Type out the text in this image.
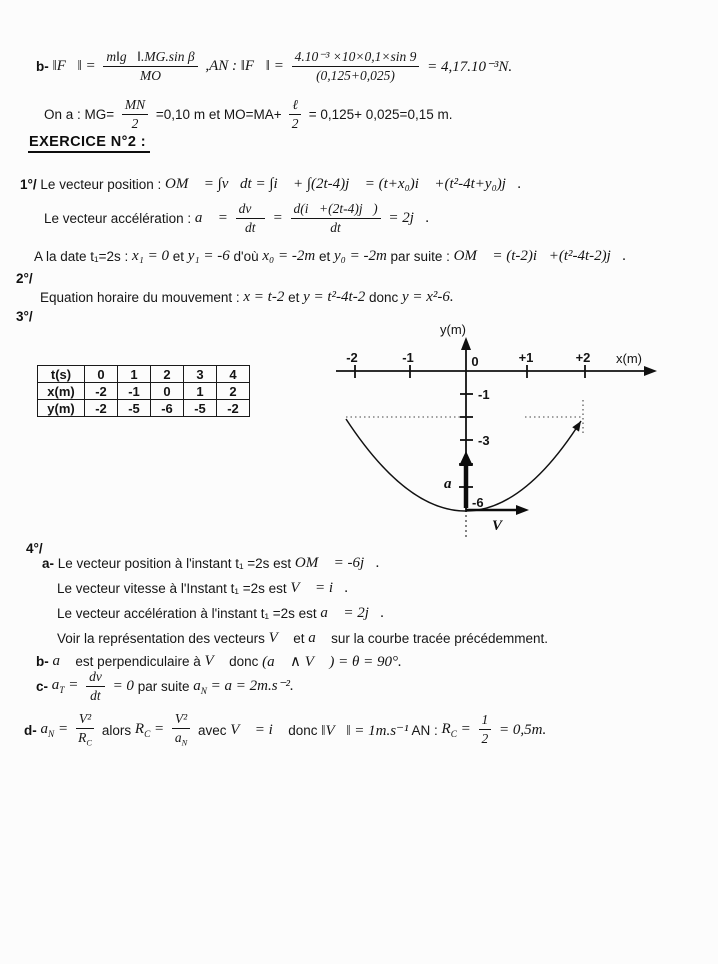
b- ‖F⃗‖ = $\frac{\text{m‖g⃗‖.MG.sin β}}{MO} ,AN$ : ‖F⃗‖ = $\frac{\text{4.10⁻³ ×10×0,1×sin 9}}{(0,125+0,025)} = 4,17.10^{-3}N$.
On a : $MG= \frac{MN}{2} =0,10$ m et $MO=MA+ \frac{\text{ℓ}}{2} = 0,125+ 0,025=0,15$ m.
EXERCICE N°2 :
1°/ Le vecteur position : OM⃗ = ∫v⃗dt = ∫i⃗ + ∫(2t-4)j⃗ = (t+x₀)i⃗ +(t²-4t+y₀)j⃗.
Le vecteur accélération : a⃗ = $\frac{dv⃗}{dt} = \frac{d(i⃗+(2t-4)j⃗)}{dt}$ = 2j⃗.
A la date t₁=2s : x₁ = 0 et y₁ = -6 d'où x₀ = -2m et y₀ = -2m par suite : OM⃗ = (t-2)i⃗+(t²-4t-2)j⃗.
2°/
Equation horaire du mouvement : x = t-2 et y = t²-4t-2 donc y = x²-6.
3°/
t(s)	0	1	2	3	4
x(m)	-2	-1	0	1	2
y(m)	-2	-5	-6	-5	-2
y(m)
x(m)
-2	-1	0	+1	+2
-1
-3
-6
a⃗
V⃗
4°/
a- Le vecteur position à l'instant t₁ =2s est OM⃗ = -6j⃗.
Le vecteur vitesse à l'Instant t₁ =2s est V⃗ = i⃗.
Le vecteur accélération à l'instant t₁ =2s est a⃗ = 2j⃗.
Voir la représentation des vecteurs V⃗ et a⃗ sur la courbe tracée précédemment.
b- a⃗ est perpendiculaire à V⃗ donc (a⃗ ∧ V⃗ ) = θ = 90°.
c- $a_T = \frac{dv}{dt} = 0$ par suite $a_N = a = 2m.s^{-2}$.
d- $a_N = \frac{\text{V²}}{R_C}$ alors $R_C = \frac{\text{V²}}{a_N}$ avec V⃗ = i⃗ donc ‖V⃗‖ = 1m.s⁻¹ AN : $R_C = \frac{1}{2} = 0,5m$.
